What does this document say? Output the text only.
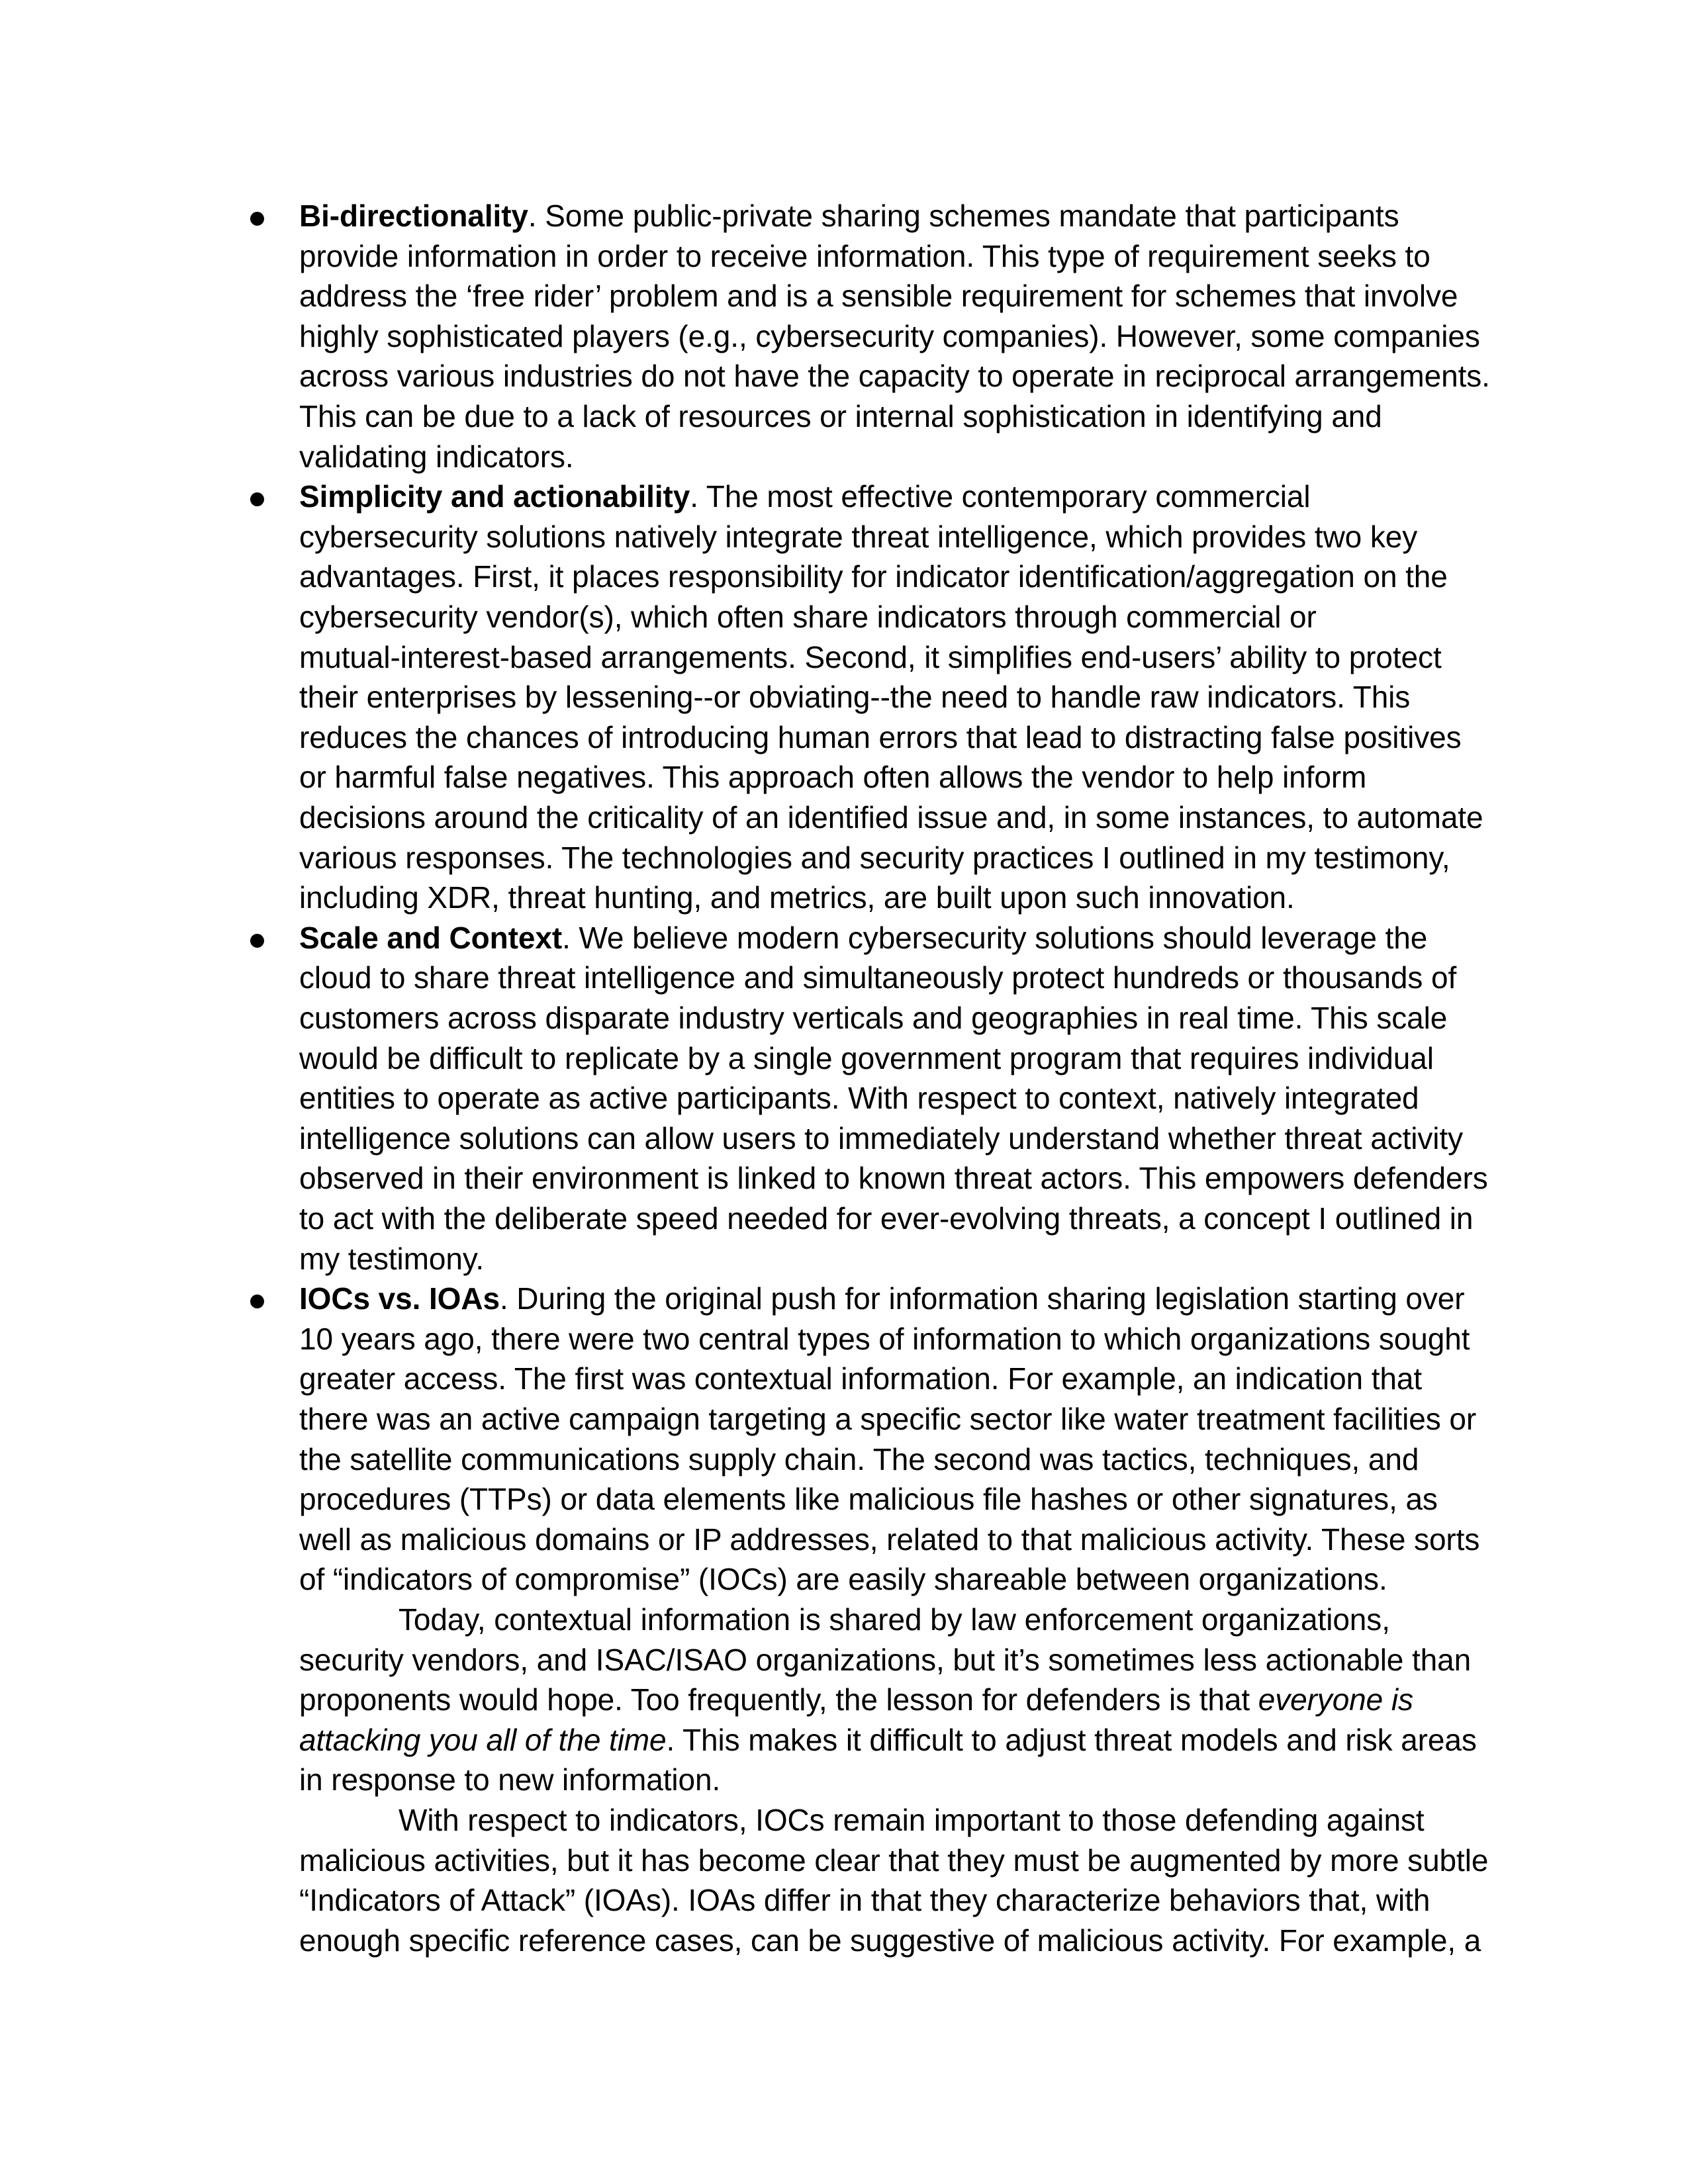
Bi-directionality. Some public-private sharing schemes mandate that participants
provide information in order to receive information. This type of requirement seeks to
address the ‘free rider’ problem and is a sensible requirement for schemes that involve
highly sophisticated players (e.g., cybersecurity companies). However, some companies
across various industries do not have the capacity to operate in reciprocal arrangements.
This can be due to a lack of resources or internal sophistication in identifying and
validating indicators.
Simplicity and actionability. The most effective contemporary commercial
cybersecurity solutions natively integrate threat intelligence, which provides two key
advantages. First, it places responsibility for indicator identification/aggregation on the
cybersecurity vendor(s), which often share indicators through commercial or
mutual-interest-based arrangements. Second, it simplifies end-users’ ability to protect
their enterprises by lessening--or obviating--the need to handle raw indicators. This
reduces the chances of introducing human errors that lead to distracting false positives
or harmful false negatives. This approach often allows the vendor to help inform
decisions around the criticality of an identified issue and, in some instances, to automate
various responses. The technologies and security practices I outlined in my testimony,
including XDR, threat hunting, and metrics, are built upon such innovation.
Scale and Context. We believe modern cybersecurity solutions should leverage the
cloud to share threat intelligence and simultaneously protect hundreds or thousands of
customers across disparate industry verticals and geographies in real time. This scale
would be difficult to replicate by a single government program that requires individual
entities to operate as active participants. With respect to context, natively integrated
intelligence solutions can allow users to immediately understand whether threat activity
observed in their environment is linked to known threat actors. This empowers defenders
to act with the deliberate speed needed for ever-evolving threats, a concept I outlined in
my testimony.
IOCs vs. IOAs. During the original push for information sharing legislation starting over
10 years ago, there were two central types of information to which organizations sought
greater access. The first was contextual information. For example, an indication that
there was an active campaign targeting a specific sector like water treatment facilities or
the satellite communications supply chain. The second was tactics, techniques, and
procedures (TTPs) or data elements like malicious file hashes or other signatures, as
well as malicious domains or IP addresses, related to that malicious activity. These sorts
of “indicators of compromise” (IOCs) are easily shareable between organizations.
Today, contextual information is shared by law enforcement organizations,
security vendors, and ISAC/ISAO organizations, but it’s sometimes less actionable than
proponents would hope. Too frequently, the lesson for defenders is that everyone is
attacking you all of the time. This makes it difficult to adjust threat models and risk areas
in response to new information.
With respect to indicators, IOCs remain important to those defending against
malicious activities, but it has become clear that they must be augmented by more subtle
“Indicators of Attack” (IOAs). IOAs differ in that they characterize behaviors that, with
enough specific reference cases, can be suggestive of malicious activity. For example, a
